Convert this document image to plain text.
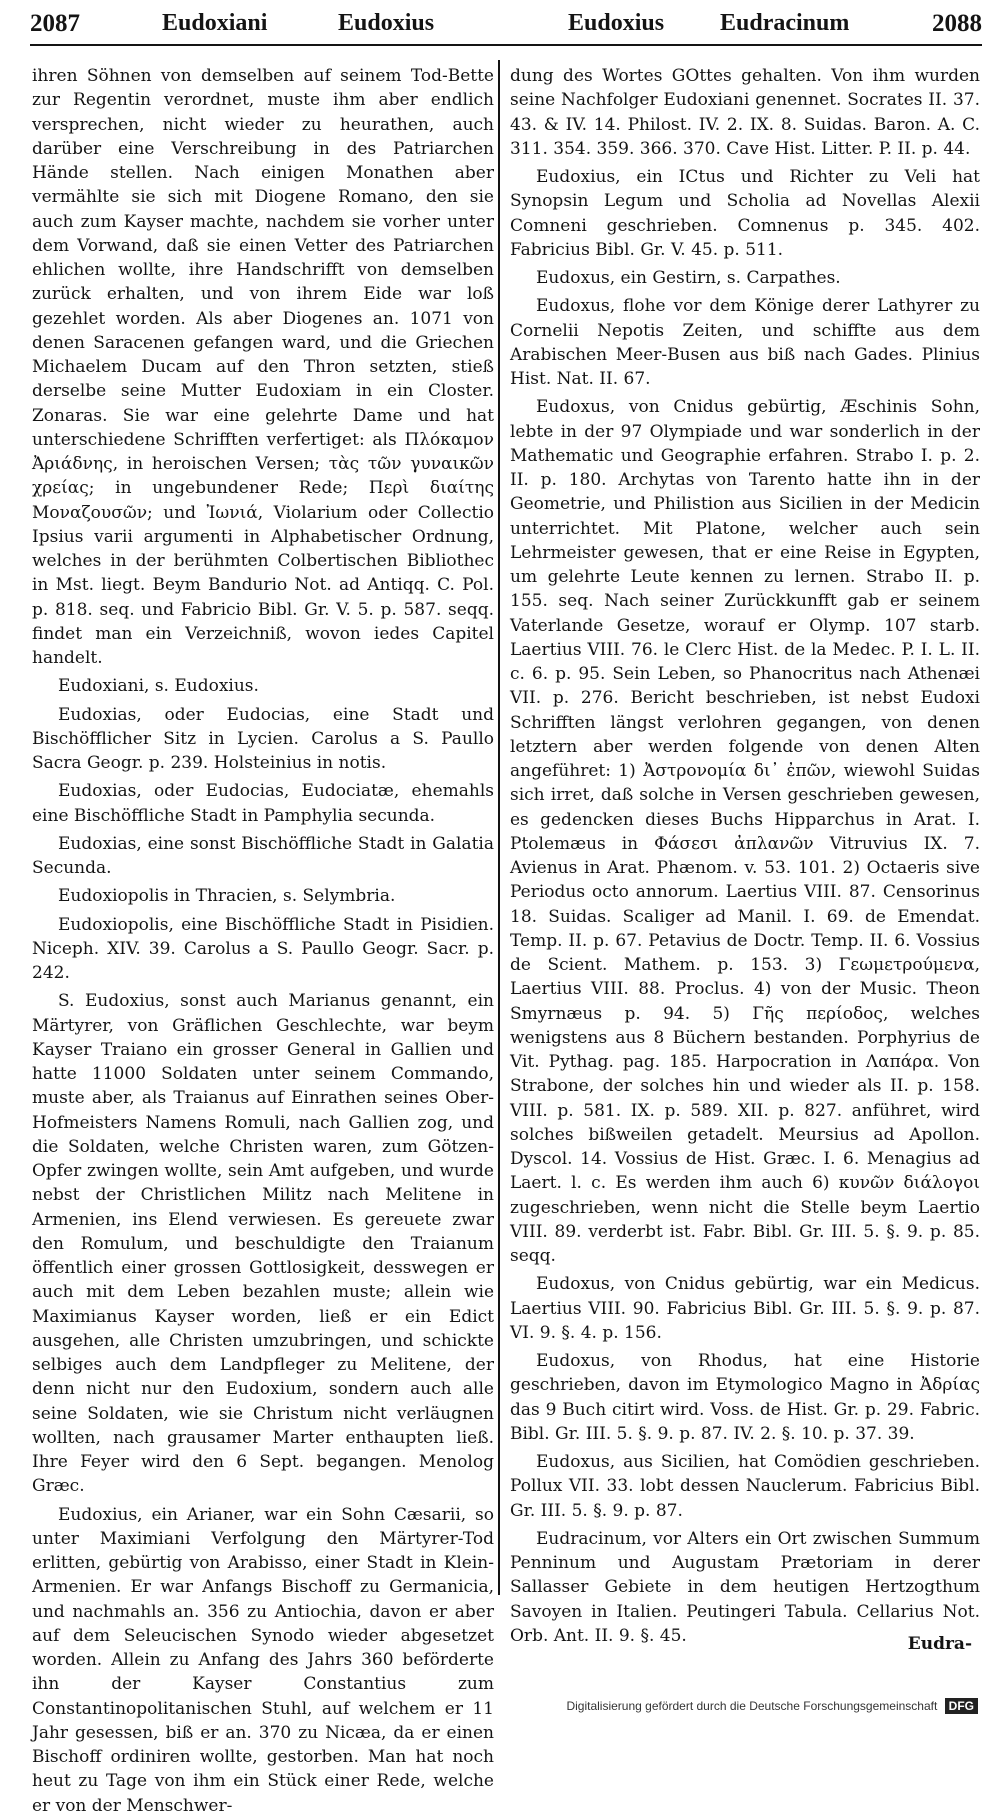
2087	Eudoxiani	Eudoxius	Eudoxius Eudracinum	2088

ihren Söhnen von demselben auf seinem Tod-Bette zur Regentin verordnet, muste ihm aber endlich versprechen, nicht wieder zu heurathen, auch darüber eine Verschreibung in des Patriarchen Hände stellen. Nach einigen Monathen aber vermählte sie sich mit Diogene Romano, den sie auch zum Kayser machte, nachdem sie vorher unter dem Vorwand, daß sie einen Vetter des Patriarchen ehlichen wollte, ihre Handschrifft von demselben zurück erhalten, und von ihrem Eide war loß gezehlet worden. Als aber Diogenes an. 1071 von denen Saracenen gefangen ward, und die Griechen Michaelem Ducam auf den Thron setzten, stieß derselbe seine Mutter Eudoxiam in ein Closter. Zonaras. Sie war eine gelehrte Dame und hat unterschiedene Schrifften verfertiget: als Πλόκαμον Ἀριάδνης, in heroischen Versen; τὰς τῶν γυναικῶν χρείας; in ungebundener Rede; Περὶ διαίτης Μοναζουσῶν; und Ἰωνιά, Violarium oder Collectio Ipsius varii argumenti in Alphabetischer Ordnung, welches in der berühmten Colbertischen Bibliothec in Mst. liegt. Beym Bandurio Not. ad Antiqq. C. Pol. p. 818. seq. und Fabricio Bibl. Gr. V. 5. p. 587. seqq. findet man ein Verzeichniß, wovon iedes Capitel handelt.

Eudoxiani, s. Eudoxius.

Eudoxias, oder Eudocias, eine Stadt und Bischöfflicher Sitz in Lycien. Carolus a S. Paullo Sacra Geogr. p. 239. Holsteinius in notis.

Eudoxias, oder Eudocias, Eudociatæ, ehemahls eine Bischöffliche Stadt in Pamphylia secunda.

Eudoxias, eine sonst Bischöffliche Stadt in Galatia Secunda.

Eudoxiopolis in Thracien, s. Selymbria.

Eudoxiopolis, eine Bischöffliche Stadt in Pisidien. Niceph. XIV. 39. Carolus a S. Paullo Geogr. Sacr. p. 242.

S. Eudoxius, sonst auch Marianus genannt, ein Märtyrer, von Gräflichen Geschlechte, war beym Kayser Traiano ein grosser General in Gallien und hatte 11000 Soldaten unter seinem Commando, muste aber, als Traianus auf Einrathen seines Ober-Hofmeisters Namens Romuli, nach Gallien zog, und die Soldaten, welche Christen waren, zum Götzen-Opfer zwingen wollte, sein Amt aufgeben, und wurde nebst der Christlichen Militz nach Melitene in Armenien, ins Elend verwiesen. Es gereuete zwar den Romulum, und beschuldigte den Traianum öffentlich einer grossen Gottlosigkeit, desswegen er auch mit dem Leben bezahlen muste; allein wie Maximianus Kayser worden, ließ er ein Edict ausgehen, alle Christen umzubringen, und schickte selbiges auch dem Landpfleger zu Melitene, der denn nicht nur den Eudoxium, sondern auch alle seine Soldaten, wie sie Christum nicht verläugnen wollten, nach grausamer Marter enthaupten ließ. Ihre Feyer wird den 6 Sept. begangen. Menolog Græc.

Eudoxius, ein Arianer, war ein Sohn Cæsarii, so unter Maximiani Verfolgung den Märtyrer-Tod erlitten, gebürtig von Arabisso, einer Stadt in Klein-Armenien. Er war Anfangs Bischoff zu Germanicia, und nachmahls an. 356 zu Antiochia, davon er aber auf dem Seleucischen Synodo wieder abgesetzet worden. Allein zu Anfang des Jahrs 360 beförderte ihn der Kayser Constantius zum Constantinopolitanischen Stuhl, auf welchem er 11 Jahr gesessen, biß er an. 370 zu Nicæa, da er einen Bischoff ordiniren wollte, gestorben. Man hat noch heut zu Tage von ihm ein Stück einer Rede, welche er von der Menschwer-

dung des Wortes GOttes gehalten. Von ihm wurden seine Nachfolger Eudoxiani genennet. Socrates II. 37. 43. & IV. 14. Philost. IV. 2. IX. 8. Suidas. Baron. A. C. 311. 354. 359. 366. 370. Cave Hist. Litter. P. II. p. 44.

Eudoxius, ein ICtus und Richter zu Veli hat Synopsin Legum und Scholia ad Novellas Alexii Comneni geschrieben. Comnenus p. 345. 402. Fabricius Bibl. Gr. V. 45. p. 511.

Eudoxus, ein Gestirn, s. Carpathes.

Eudoxus, flohe vor dem Könige derer Lathyrer zu Cornelii Nepotis Zeiten, und schiffte aus dem Arabischen Meer-Busen aus biß nach Gades. Plinius Hist. Nat. II. 67.

Eudoxus, von Cnidus gebürtig, Æschinis Sohn, lebte in der 97 Olympiade und war sonderlich in der Mathematic und Geographie erfahren. Strabo I. p. 2. II. p. 180. Archytas von Tarento hatte ihn in der Geometrie, und Philistion aus Sicilien in der Medicin unterrichtet. Mit Platone, welcher auch sein Lehrmeister gewesen, that er eine Reise in Egypten, um gelehrte Leute kennen zu lernen. Strabo II. p. 155. seq. Nach seiner Zurückkunfft gab er seinem Vaterlande Gesetze, worauf er Olymp. 107 starb. Laertius VIII. 76. le Clerc Hist. de la Medec. P. I. L. II. c. 6. p. 95. Sein Leben, so Phanocritus nach Athenæi VII. p. 276. Bericht beschrieben, ist nebst Eudoxi Schrifften längst verlohren gegangen, von denen letztern aber werden folgende von denen Alten angeführet: 1) Ἀστρονομία δι᾽ ἐπῶν, wiewohl Suidas sich irret, daß solche in Versen geschrieben gewesen, es gedencken dieses Buchs Hipparchus in Arat. I. Ptolemæus in Φάσεσι ἀπλανῶν Vitruvius IX. 7. Avienus in Arat. Phænom. v. 53. 101. 2) Octaeris sive Periodus octo annorum. Laertius VIII. 87. Censorinus 18. Suidas. Scaliger ad Manil. I. 69. de Emendat. Temp. II. p. 67. Petavius de Doctr. Temp. II. 6. Vossius de Scient. Mathem. p. 153. 3) Γεωμετρούμενα, Laertius VIII. 88. Proclus. 4) von der Music. Theon Smyrnæus p. 94. 5) Γῆς περίοδος, welches wenigstens aus 8 Büchern bestanden. Porphyrius de Vit. Pythag. pag. 185. Harpocration in Λαπάρα. Von Strabone, der solches hin und wieder als II. p. 158. VIII. p. 581. IX. p. 589. XII. p. 827. anführet, wird solches bißweilen getadelt. Meursius ad Apollon. Dyscol. 14. Vossius de Hist. Græc. I. 6. Menagius ad Laert. l. c. Es werden ihm auch 6) κυνῶν διάλογοι zugeschrieben, wenn nicht die Stelle beym Laertio VIII. 89. verderbt ist. Fabr. Bibl. Gr. III. 5. §. 9. p. 85. seqq.

Eudoxus, von Cnidus gebürtig, war ein Medicus. Laertius VIII. 90. Fabricius Bibl. Gr. III. 5. §. 9. p. 87. VI. 9. §. 4. p. 156.

Eudoxus, von Rhodus, hat eine Historie geschrieben, davon im Etymologico Magno in Ἀδρίας das 9 Buch citirt wird. Voss. de Hist. Gr. p. 29. Fabric. Bibl. Gr. III. 5. §. 9. p. 87. IV. 2. §. 10. p. 37. 39.

Eudoxus, aus Sicilien, hat Comödien geschrieben. Pollux VII. 33. lobt dessen Nauclerum. Fabricius Bibl. Gr. III. 5. §. 9. p. 87.

Eudracinum, vor Alters ein Ort zwischen Summum Penninum und Augustam Prætoriam in derer Sallasser Gebiete in dem heutigen Hertzogthum Savoyen in Italien. Peutingeri Tabula. Cellarius Not. Orb. Ant. II. 9. §. 45.	Eudra-
Digitalisierung gefördert durch die Deutsche Forschungsgemeinschaft DFG
